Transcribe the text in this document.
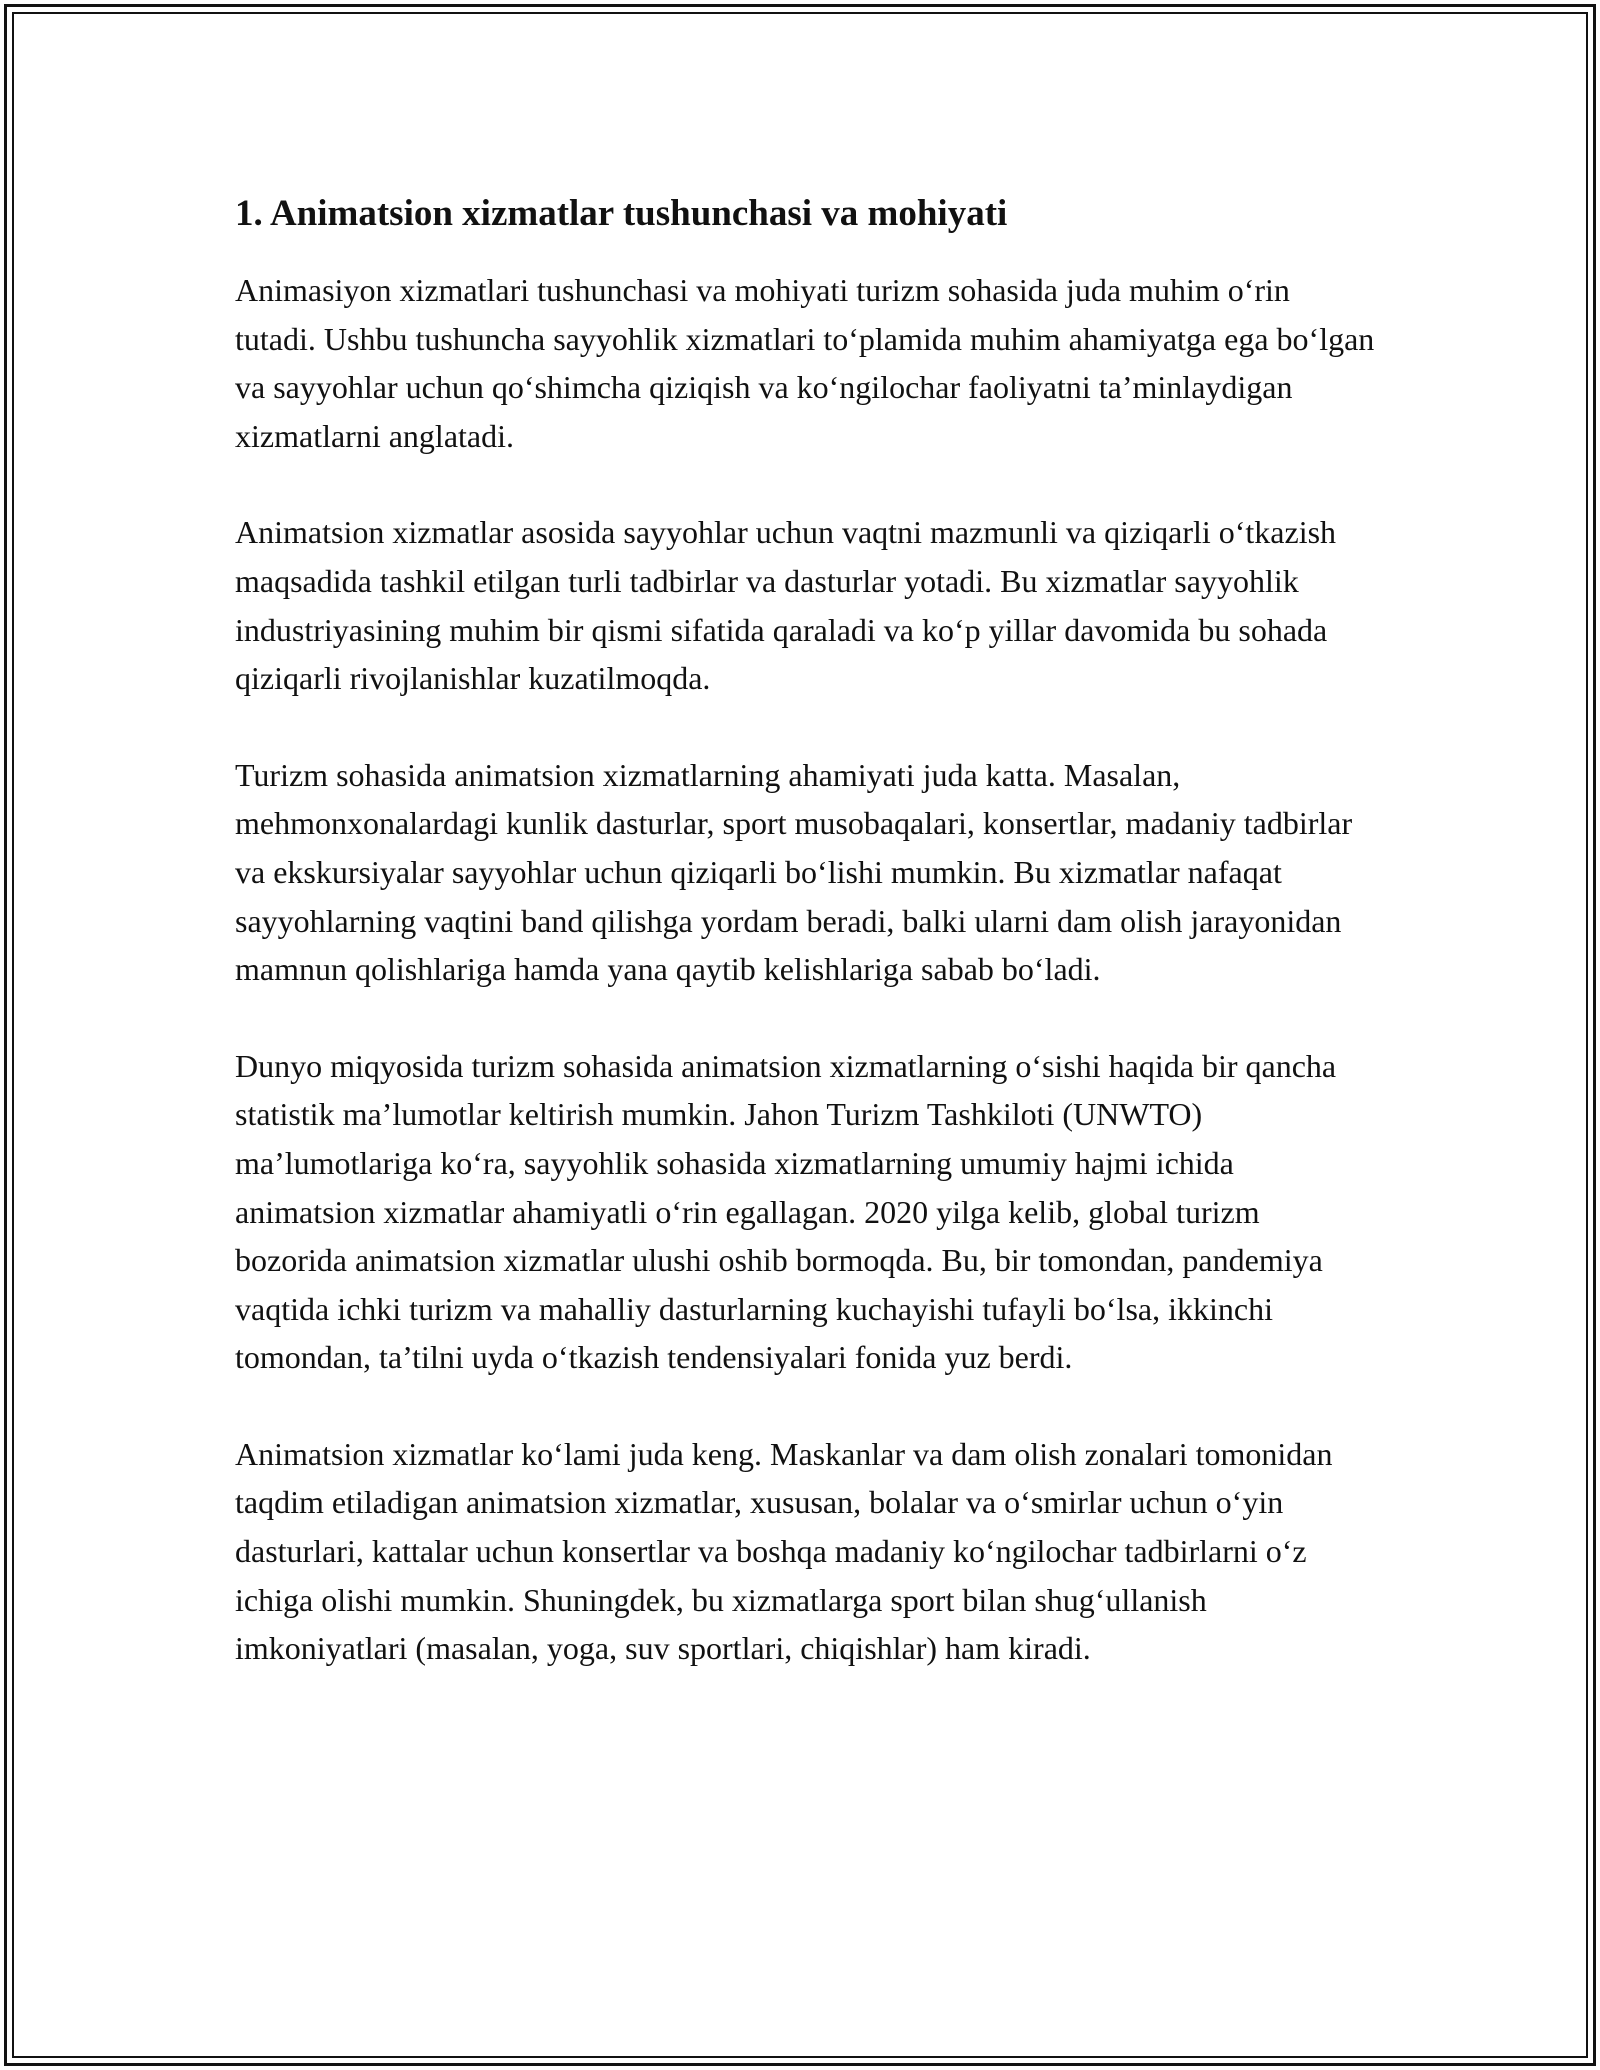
1. Animatsion xizmatlar tushunchasi va mohiyati

Animasiyon xizmatlari tushunchasi va mohiyati turizm sohasida juda muhim o‘rin tutadi. Ushbu tushuncha sayyohlik xizmatlari to‘plamida muhim ahamiyatga ega bo‘lgan va sayyohlar uchun qo‘shimcha qiziqish va ko‘ngilochar faoliyatni ta’minlaydigan xizmatlarni anglatadi.

Animatsion xizmatlar asosida sayyohlar uchun vaqtni mazmunli va qiziqarli o‘tkazish maqsadida tashkil etilgan turli tadbirlar va dasturlar yotadi. Bu xizmatlar sayyohlik industriyasining muhim bir qismi sifatida qaraladi va ko‘p yillar davomida bu sohada qiziqarli rivojlanishlar kuzatilmoqda.

Turizm sohasida animatsion xizmatlarning ahamiyati juda katta. Masalan, mehmonxonalardagi kunlik dasturlar, sport musobaqalari, konsertlar, madaniy tadbirlar va ekskursiyalar sayyohlar uchun qiziqarli bo‘lishi mumkin. Bu xizmatlar nafaqat sayyohlarning vaqtini band qilishga yordam beradi, balki ularni dam olish jarayonidan mamnun qolishlariga hamda yana qaytib kelishlariga sabab bo‘ladi.

Dunyo miqyosida turizm sohasida animatsion xizmatlarning o‘sishi haqida bir qancha statistik ma’lumotlar keltirish mumkin. Jahon Turizm Tashkiloti (UNWTO) ma’lumotlariga ko‘ra, sayyohlik sohasida xizmatlarning umumiy hajmi ichida animatsion xizmatlar ahamiyatli o‘rin egallagan. 2020 yilga kelib, global turizm bozorida animatsion xizmatlar ulushi oshib bormoqda. Bu, bir tomondan, pandemiya vaqtida ichki turizm va mahalliy dasturlarning kuchayishi tufayli bo‘lsa, ikkinchi tomondan, ta’tilni uyda o‘tkazish tendensiyalari fonida yuz berdi.

Animatsion xizmatlar ko‘lami juda keng. Maskanlar va dam olish zonalari tomonidan taqdim etiladigan animatsion xizmatlar, xususan, bolalar va o‘smirlar uchun o‘yin dasturlari, kattalar uchun konsertlar va boshqa madaniy ko‘ngilochar tadbirlarni o‘z ichiga olishi mumkin. Shuningdek, bu xizmatlarga sport bilan shug‘ullanish imkoniyatlari (masalan, yoga, suv sportlari, chiqishlar) ham kiradi.
